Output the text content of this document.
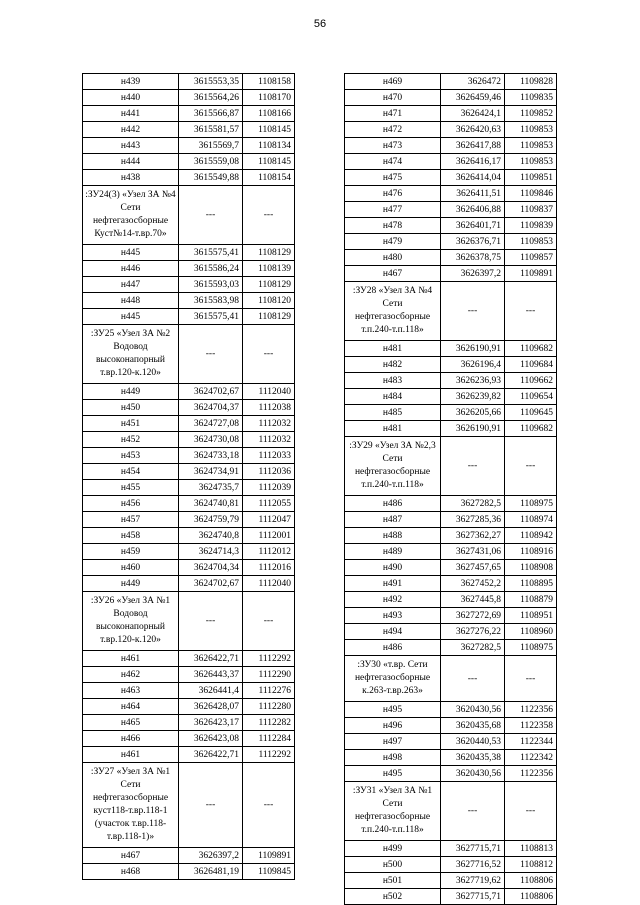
56
н439	3615553,35	1108158
н440	3615564,26	1108170
н441	3615566,87	1108166
н442	3615581,57	1108145
н443	3615569,7	1108134
н444	3615559,08	1108145
н438	3615549,88	1108154
:ЗУ24(3) «Узел ЗА №4 Сети нефтегазосборные Куст№14-т.вр.70»	---	---
н445	3615575,41	1108129
н446	3615586,24	1108139
н447	3615593,03	1108129
н448	3615583,98	1108120
н445	3615575,41	1108129
:ЗУ25 «Узел ЗА №2 Водовод высоконапорный т.вр.120-к.120»	---	---
н449	3624702,67	1112040
н450	3624704,37	1112038
н451	3624727,08	1112032
н452	3624730,08	1112032
н453	3624733,18	1112033
н454	3624734,91	1112036
н455	3624735,7	1112039
н456	3624740,81	1112055
н457	3624759,79	1112047
н458	3624740,8	1112001
н459	3624714,3	1112012
н460	3624704,34	1112016
н449	3624702,67	1112040
:ЗУ26 «Узел ЗА №1 Водовод высоконапорный т.вр.120-к.120»	---	---
н461	3626422,71	1112292
н462	3626443,37	1112290
н463	3626441,4	1112276
н464	3626428,07	1112280
н465	3626423,17	1112282
н466	3626423,08	1112284
н461	3626422,71	1112292
:ЗУ27 «Узел ЗА №1 Сети нефтегазосборные куст118-т.вр.118-1 (участок т.вр.118-т.вр.118-1)»	---	---
н467	3626397,2	1109891
н468	3626481,19	1109845
н469	3626472	1109828
н470	3626459,46	1109835
н471	3626424,1	1109852
н472	3626420,63	1109853
н473	3626417,88	1109853
н474	3626416,17	1109853
н475	3626414,04	1109851
н476	3626411,51	1109846
н477	3626406,88	1109837
н478	3626401,71	1109839
н479	3626376,71	1109853
н480	3626378,75	1109857
н467	3626397,2	1109891
:ЗУ28 «Узел ЗА №4 Сети нефтегазосборные т.п.240-т.п.118»	---	---
н481	3626190,91	1109682
н482	3626196,4	1109684
н483	3626236,93	1109662
н484	3626239,82	1109654
н485	3626205,66	1109645
н481	3626190,91	1109682
:ЗУ29 «Узел ЗА №2,3 Сети нефтегазосборные т.п.240-т.п.118»	---	---
н486	3627282,5	1108975
н487	3627285,36	1108974
н488	3627362,27	1108942
н489	3627431,06	1108916
н490	3627457,65	1108908
н491	3627452,2	1108895
н492	3627445,8	1108879
н493	3627272,69	1108951
н494	3627276,22	1108960
н486	3627282,5	1108975
:ЗУ30 «т.вр. Сети нефтегазосборные к.263-т.вр.263»	---	---
н495	3620430,56	1122356
н496	3620435,68	1122358
н497	3620440,53	1122344
н498	3620435,38	1122342
н495	3620430,56	1122356
:ЗУ31 «Узел ЗА №1 Сети нефтегазосборные т.п.240-т.п.118»	---	---
н499	3627715,71	1108813
н500	3627716,52	1108812
н501	3627719,62	1108806
н502	3627715,71	1108806
